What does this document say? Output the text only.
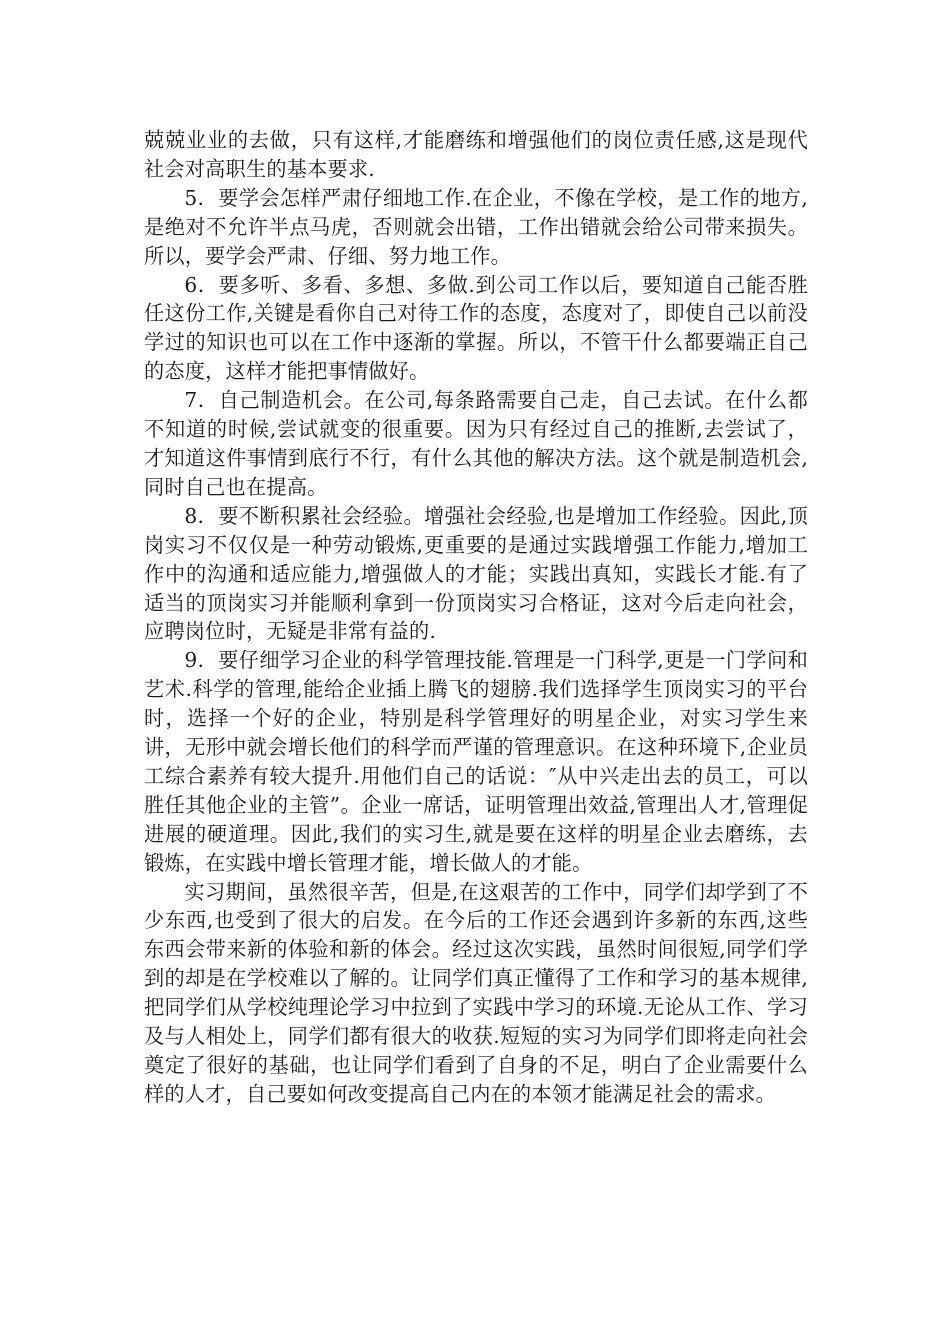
兢兢业业的去做，只有这样,才能磨练和增强他们的岗位责任感,这是现代社会对高职生的基本要求.

5．要学会怎样严肃仔细地工作.在企业，不像在学校，是工作的地方,是绝对不允许半点马虎，否则就会出错，工作出错就会给公司带来损失。所以，要学会严肃、仔细、努力地工作。

6．要多听、多看、多想、多做.到公司工作以后，要知道自己能否胜任这份工作,关键是看你自己对待工作的态度，态度对了，即使自己以前没学过的知识也可以在工作中逐渐的掌握。所以，不管干什么都要端正自己的态度，这样才能把事情做好。

7．自己制造机会。在公司,每条路需要自己走，自己去试。在什么都不知道的时候,尝试就变的很重要。因为只有经过自己的推断,去尝试了，才知道这件事情到底行不行，有什么其他的解决方法。这个就是制造机会,同时自己也在提高。

8．要不断积累社会经验。增强社会经验,也是增加工作经验。因此,顶岗实习不仅仅是一种劳动锻炼,更重要的是通过实践增强工作能力,增加工作中的沟通和适应能力,增强做人的才能；实践出真知，实践长才能.有了适当的顶岗实习并能顺利拿到一份顶岗实习合格证，这对今后走向社会，应聘岗位时，无疑是非常有益的.

9．要仔细学习企业的科学管理技能.管理是一门科学,更是一门学问和艺术.科学的管理,能给企业插上腾飞的翅膀.我们选择学生顶岗实习的平台时，选择一个好的企业，特别是科学管理好的明星企业，对实习学生来讲，无形中就会增长他们的科学而严谨的管理意识。在这种环境下,企业员工综合素养有较大提升.用他们自己的话说：″从中兴走出去的员工，可以胜任其他企业的主管”。企业一席话，证明管理出效益,管理出人才,管理促进展的硬道理。因此,我们的实习生,就是要在这样的明星企业去磨练，去锻炼，在实践中增长管理才能，增长做人的才能。

实习期间，虽然很辛苦，但是,在这艰苦的工作中，同学们却学到了不少东西,也受到了很大的启发。在今后的工作还会遇到许多新的东西,这些东西会带来新的体验和新的体会。经过这次实践，虽然时间很短,同学们学到的却是在学校难以了解的。让同学们真正懂得了工作和学习的基本规律,把同学们从学校纯理论学习中拉到了实践中学习的环境.无论从工作、学习及与人相处上，同学们都有很大的收获.短短的实习为同学们即将走向社会奠定了很好的基础，也让同学们看到了自身的不足，明白了企业需要什么样的人才，自己要如何改变提高自己内在的本领才能满足社会的需求。
